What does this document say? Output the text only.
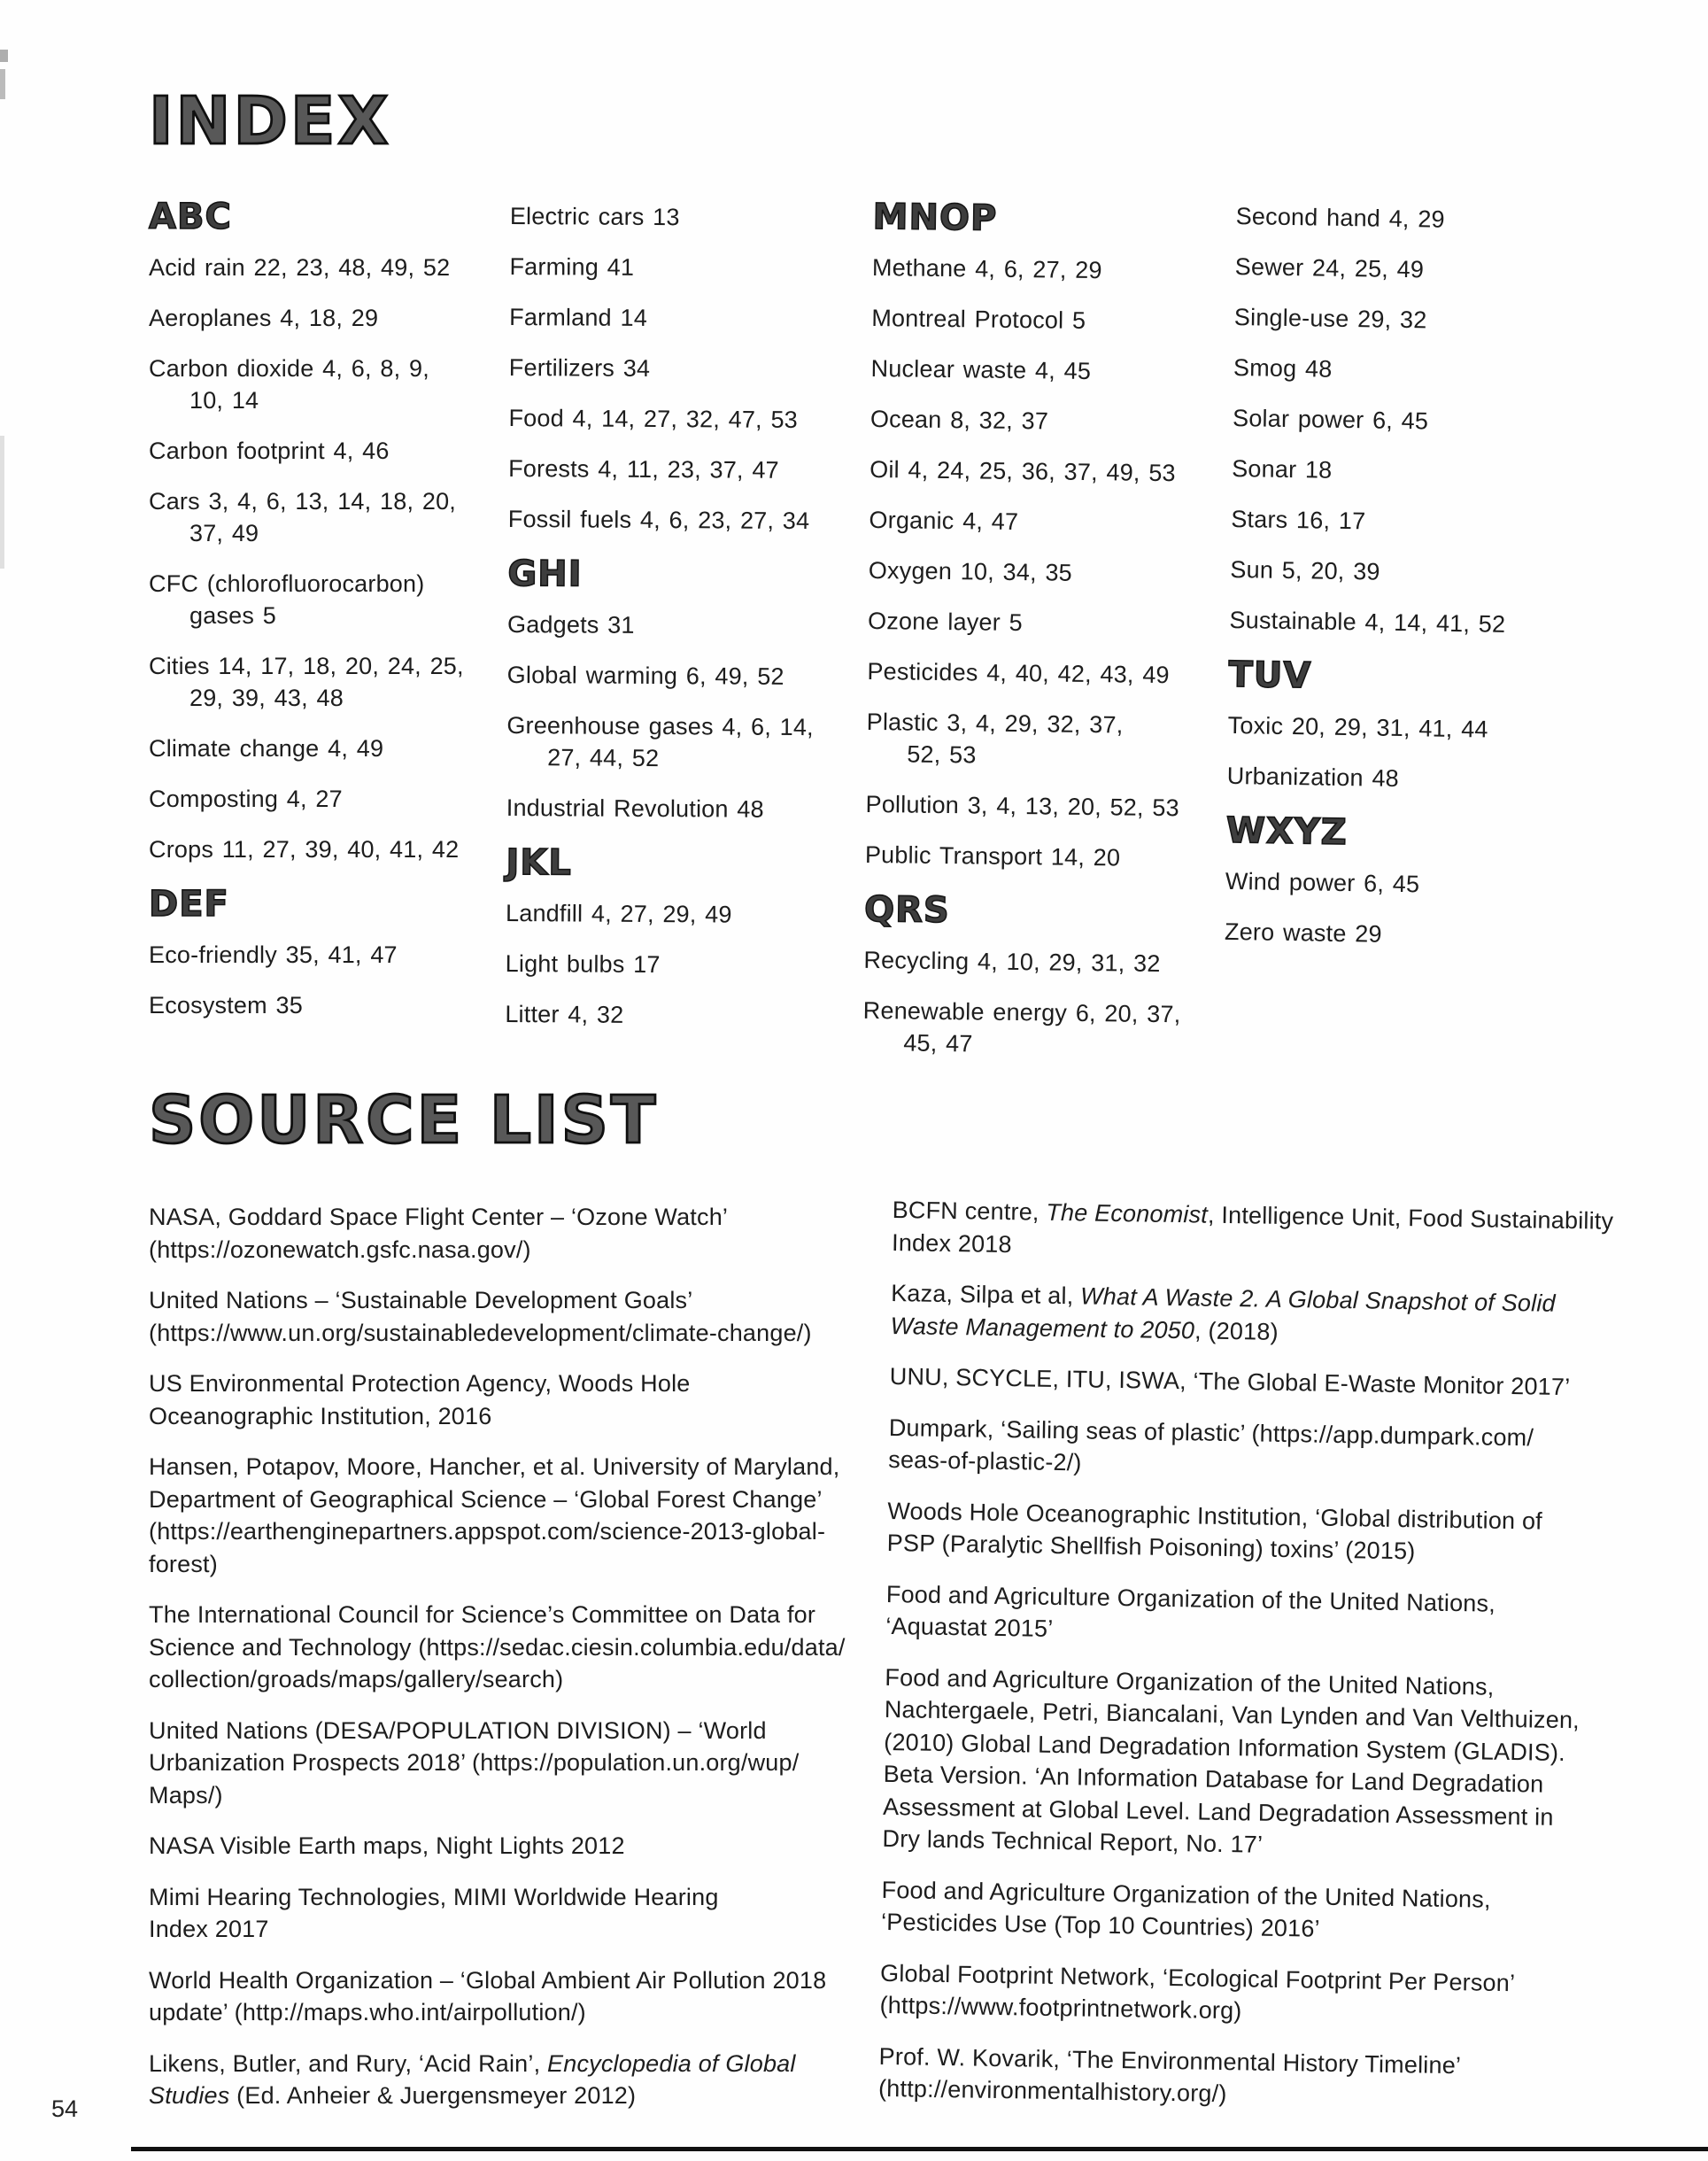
INDEX
ABC

Acid rain 22, 23, 48, 49, 52

Aeroplanes 4, 18, 29

Carbon dioxide 4, 6, 8, 9,
10, 14

Carbon footprint 4, 46

Cars 3, 4, 6, 13, 14, 18, 20,
37, 49

CFC (chlorofluorocarbon)
gases 5

Cities 14, 17, 18, 20, 24, 25,
29, 39, 43, 48

Climate change 4, 49

Composting 4, 27

Crops 11, 27, 39, 40, 41, 42

DEF

Eco-friendly 35, 41, 47

Ecosystem 35

Electric cars 13

Farming 41

Farmland 14

Fertilizers 34

Food 4, 14, 27, 32, 47, 53

Forests 4, 11, 23, 37, 47

Fossil fuels 4, 6, 23, 27, 34

GHI

Gadgets 31

Global warming 6, 49, 52

Greenhouse gases 4, 6, 14,
27, 44, 52

Industrial Revolution 48

JKL

Landfill 4, 27, 29, 49

Light bulbs 17

Litter 4, 32

MNOP

Methane 4, 6, 27, 29

Montreal Protocol 5

Nuclear waste 4, 45

Ocean 8, 32, 37

Oil 4, 24, 25, 36, 37, 49, 53

Organic 4, 47

Oxygen 10, 34, 35

Ozone layer 5

Pesticides 4, 40, 42, 43, 49

Plastic 3, 4, 29, 32, 37,
52, 53

Pollution 3, 4, 13, 20, 52, 53

Public Transport 14, 20

QRS

Recycling 4, 10, 29, 31, 32

Renewable energy 6, 20, 37,
45, 47

Second hand 4, 29

Sewer 24, 25, 49

Single-use 29, 32

Smog 48

Solar power 6, 45

Sonar 18

Stars 16, 17

Sun 5, 20, 39

Sustainable 4, 14, 41, 52

TUV

Toxic 20, 29, 31, 41, 44

Urbanization 48

WXYZ

Wind power 6, 45

Zero waste 29

SOURCE LIST

NASA, Goddard Space Flight Center – ‘Ozone Watch’
(https://ozonewatch.gsfc.nasa.gov/)

United Nations – ‘Sustainable Development Goals’
(https://www.un.org/sustainabledevelopment/climate-change/)

US Environmental Protection Agency, Woods Hole
Oceanographic Institution, 2016

Hansen, Potapov, Moore, Hancher, et al. University of Maryland,
Department of Geographical Science – ‘Global Forest Change’
(https://earthenginepartners.appspot.com/science-2013-global-
forest)

The International Council for Science’s Committee on Data for
Science and Technology (https://sedac.ciesin.columbia.edu/data/
collection/groads/maps/gallery/search)

United Nations (DESA/POPULATION DIVISION) – ‘World
Urbanization Prospects 2018’ (https://population.un.org/wup/
Maps/)

NASA Visible Earth maps, Night Lights 2012

Mimi Hearing Technologies, MIMI Worldwide Hearing
Index 2017

World Health Organization – ‘Global Ambient Air Pollution 2018
update’ (http://maps.who.int/airpollution/)

Likens, Butler, and Rury, ‘Acid Rain’, Encyclopedia of Global
Studies (Ed. Anheier & Juergensmeyer 2012)

BCFN centre, The Economist, Intelligence Unit, Food Sustainability
Index 2018

Kaza, Silpa et al, What A Waste 2. A Global Snapshot of Solid
Waste Management to 2050, (2018)

UNU, SCYCLE, ITU, ISWA, ‘The Global E-Waste Monitor 2017’

Dumpark, ‘Sailing seas of plastic’ (https://app.dumpark.com/
seas-of-plastic-2/)

Woods Hole Oceanographic Institution, ‘Global distribution of
PSP (Paralytic Shellfish Poisoning) toxins’ (2015)

Food and Agriculture Organization of the United Nations,
‘Aquastat 2015’

Food and Agriculture Organization of the United Nations,
Nachtergaele, Petri, Biancalani, Van Lynden and Van Velthuizen,
(2010) Global Land Degradation Information System (GLADIS).
Beta Version. ‘An Information Database for Land Degradation
Assessment at Global Level. Land Degradation Assessment in
Dry lands Technical Report, No. 17’

Food and Agriculture Organization of the United Nations,
‘Pesticides Use (Top 10 Countries) 2016’

Global Footprint Network, ‘Ecological Footprint Per Person’
(https://www.footprintnetwork.org)

Prof. W. Kovarik, ‘The Environmental History Timeline’
(http://environmentalhistory.org/)

54
